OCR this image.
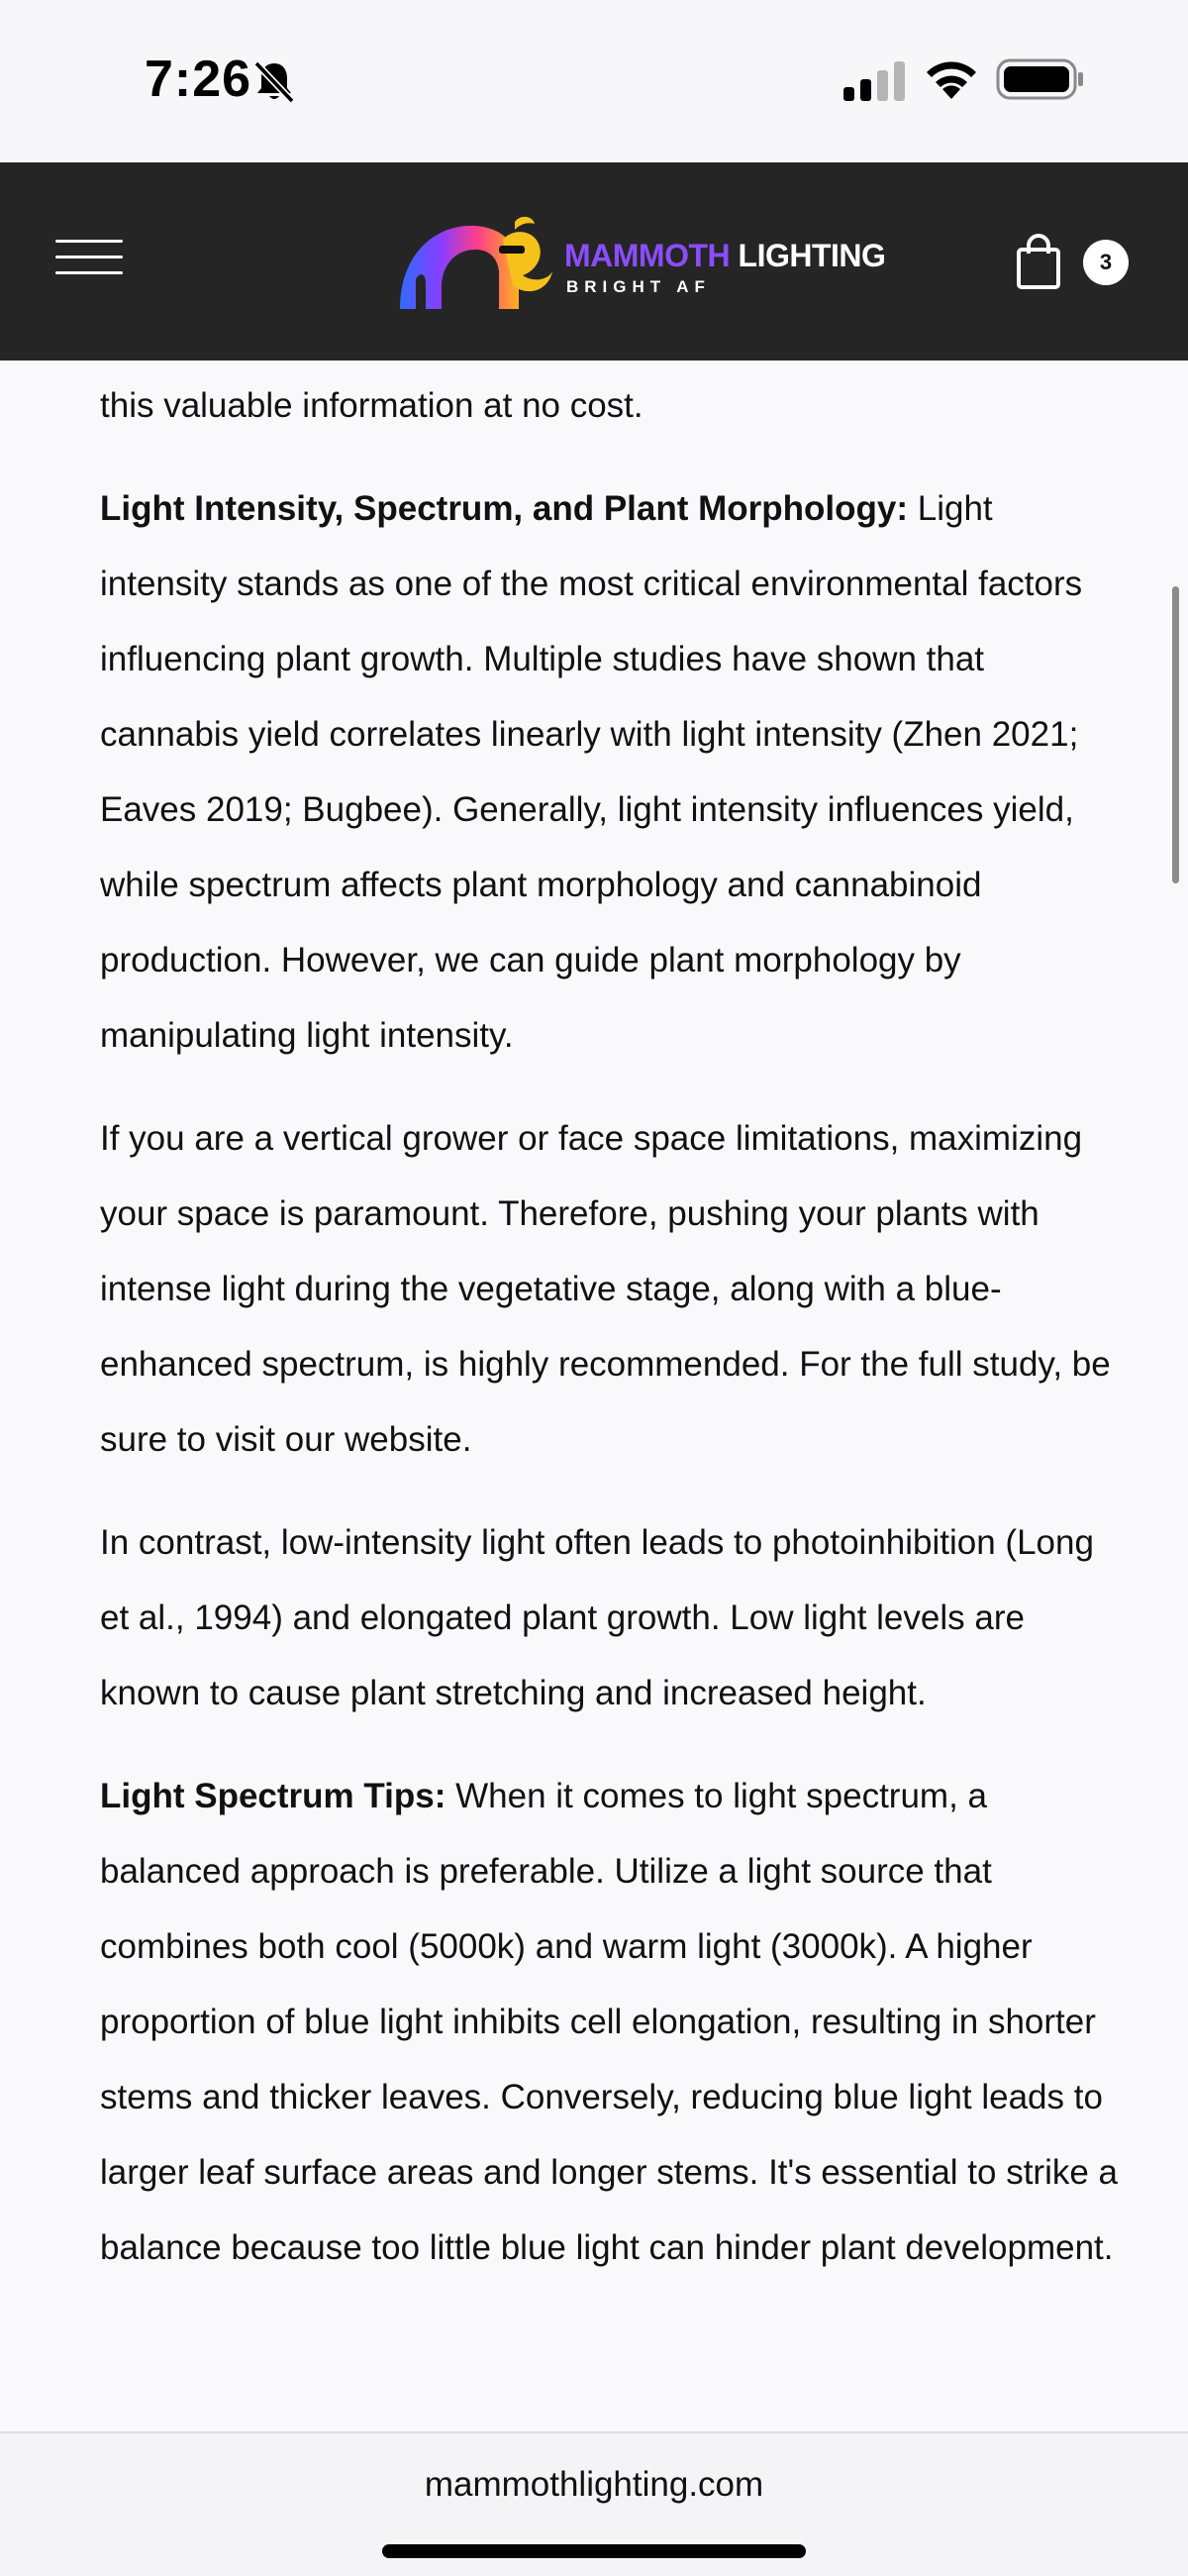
7:26
MAMMOTH LIGHTING
BRIGHT AF
3

this valuable information at no cost.

Light Intensity, Spectrum, and Plant Morphology: Light intensity stands as one of the most critical environmental factors influencing plant growth. Multiple studies have shown that cannabis yield correlates linearly with light intensity (Zhen 2021; Eaves 2019; Bugbee). Generally, light intensity influences yield, while spectrum affects plant morphology and cannabinoid production. However, we can guide plant morphology by manipulating light intensity.

If you are a vertical grower or face space limitations, maximizing your space is paramount. Therefore, pushing your plants with intense light during the vegetative stage, along with a blue-enhanced spectrum, is highly recommended. For the full study, be sure to visit our website.

In contrast, low-intensity light often leads to photoinhibition (Long et al., 1994) and elongated plant growth. Low light levels are known to cause plant stretching and increased height.

Light Spectrum Tips: When it comes to light spectrum, a balanced approach is preferable. Utilize a light source that combines both cool (5000k) and warm light (3000k). A higher proportion of blue light inhibits cell elongation, resulting in shorter stems and thicker leaves. Conversely, reducing blue light leads to larger leaf surface areas and longer stems. It's essential to strike a balance because too little blue light can hinder plant development.

mammothlighting.com
